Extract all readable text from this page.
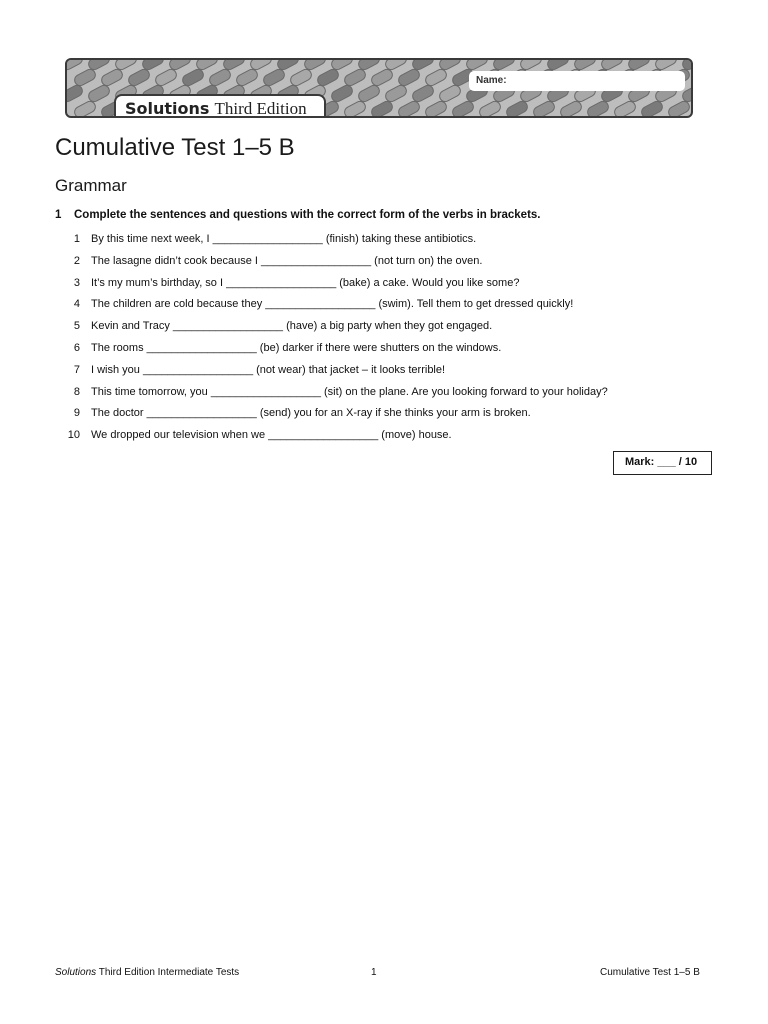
Name:
Solutions Third Edition
Cumulative Test 1–5 B
Grammar
1 Complete the sentences and questions with the correct form of the verbs in brackets.
1 By this time next week, I __________________ (finish) taking these antibiotics.
2 The lasagne didn’t cook because I __________________ (not turn on) the oven.
3 It’s my mum’s birthday, so I __________________ (bake) a cake. Would you like some?
4 The children are cold because they __________________ (swim). Tell them to get dressed quickly!
5 Kevin and Tracy __________________ (have) a big party when they got engaged.
6 The rooms __________________ (be) darker if there were shutters on the windows.
7 I wish you __________________ (not wear) that jacket – it looks terrible!
8 This time tomorrow, you __________________ (sit) on the plane. Are you looking forward to your holiday?
9 The doctor __________________ (send) you for an X-ray if she thinks your arm is broken.
10 We dropped our television when we __________________ (move) house.
Mark: ___ / 10
Solutions Third Edition Intermediate Tests	1	Cumulative Test 1–5 B
